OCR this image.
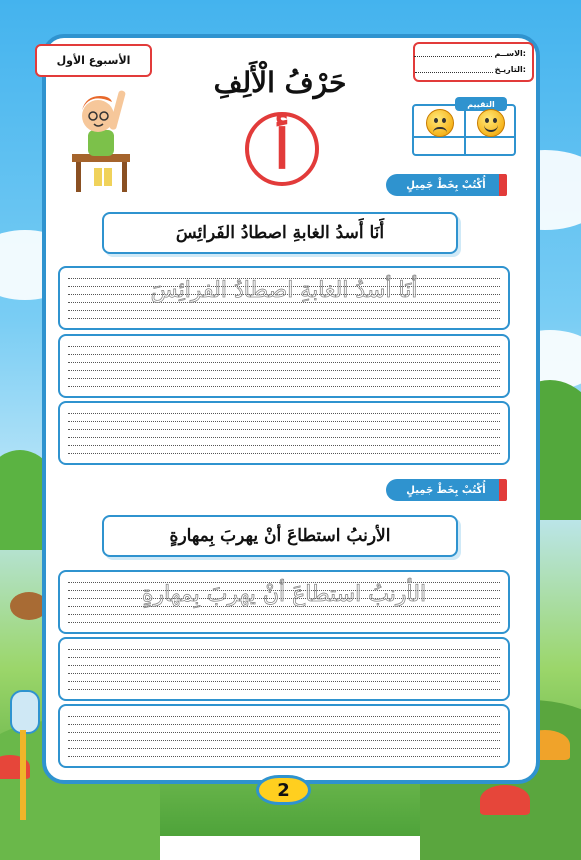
الأسبوع الأول
الاســم:
التاريـخ:
حَرْفُ الْأَلِفِ
أ
التقييم
أُكْتُبْ بِخَطْ جَمِيلٍ
أَنَا أَسدُ الغابةِ اصطادُ الفَرائِسَ
أنَا أسدُ الغابةِ اصطادُ الفرائِسَ
أُكْتُبْ بِخَطْ جَمِيلٍ
الأرنبُ استطاعَ أنْ يهربَ بِمهارةٍ
الأرنبُ استطاعَ أنْ يهربَ بِمهارةٍ
2
